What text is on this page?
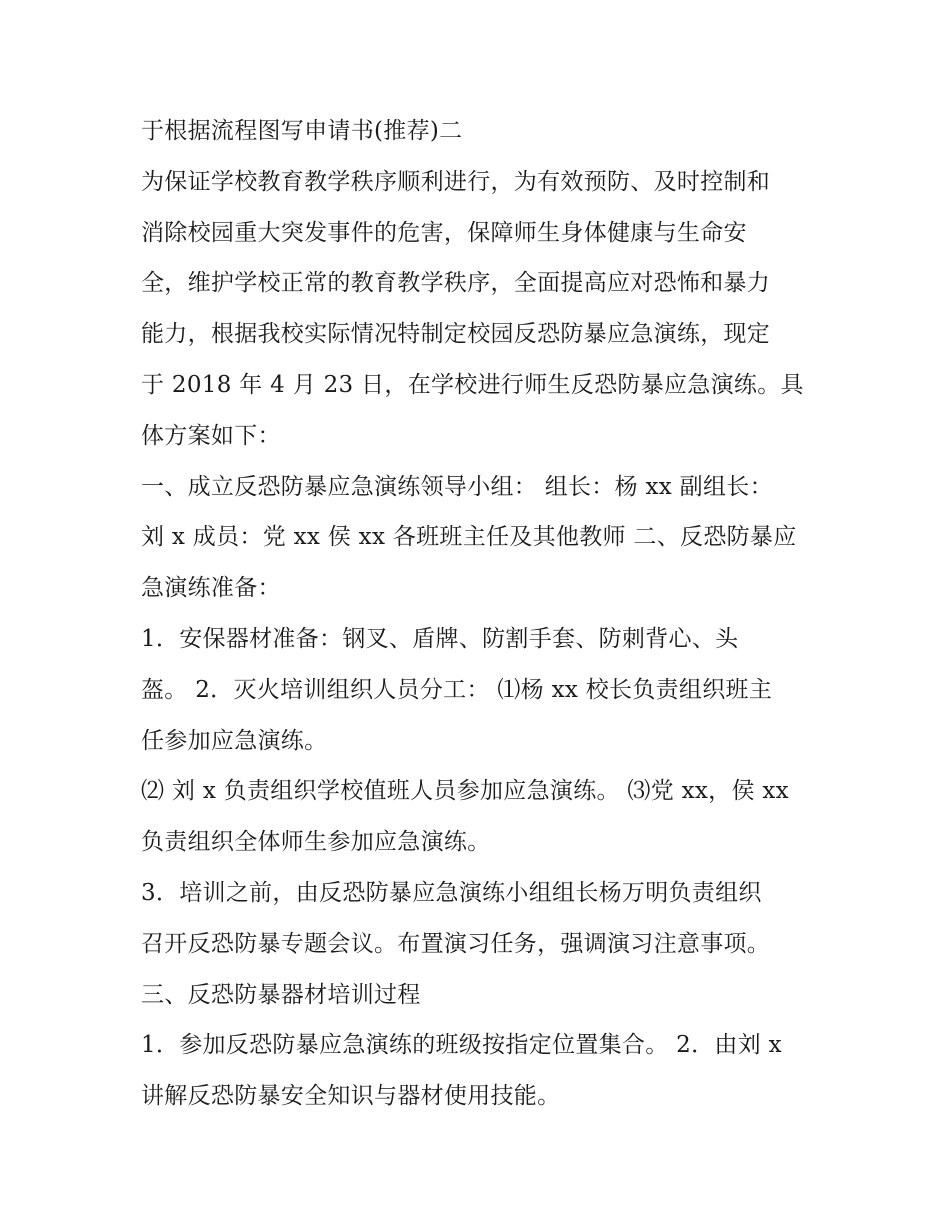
于根据流程图写申请书(推荐)二
为保证学校教育教学秩序顺利进行，为有效预防、及时控制和
消除校园重大突发事件的危害，保障师生身体健康与生命安
全，维护学校正常的教育教学秩序，全面提高应对恐怖和暴力
能力，根据我校实际情况特制定校园反恐防暴应急演练，现定
于 2018 年 4 月 23 日，在学校进行师生反恐防暴应急演练。具
体方案如下：
一、成立反恐防暴应急演练领导小组： 组长：杨 xx 副组长：
刘 x 成员：党 xx 侯 xx 各班班主任及其他教师 二、反恐防暴应
急演练准备：
1．安保器材准备：钢叉、盾牌、防割手套、防刺背心、头
盔。 2．灭火培训组织人员分工： ⑴杨 xx 校长负责组织班主
任参加应急演练。
⑵ 刘 x 负责组织学校值班人员参加应急演练。 ⑶党 xx，侯 xx
负责组织全体师生参加应急演练。
3．培训之前，由反恐防暴应急演练小组组长杨万明负责组织
召开反恐防暴专题会议。布置演习任务，强调演习注意事项。
三、反恐防暴器材培训过程
1．参加反恐防暴应急演练的班级按指定位置集合。 2．由刘 x
讲解反恐防暴安全知识与器材使用技能。
